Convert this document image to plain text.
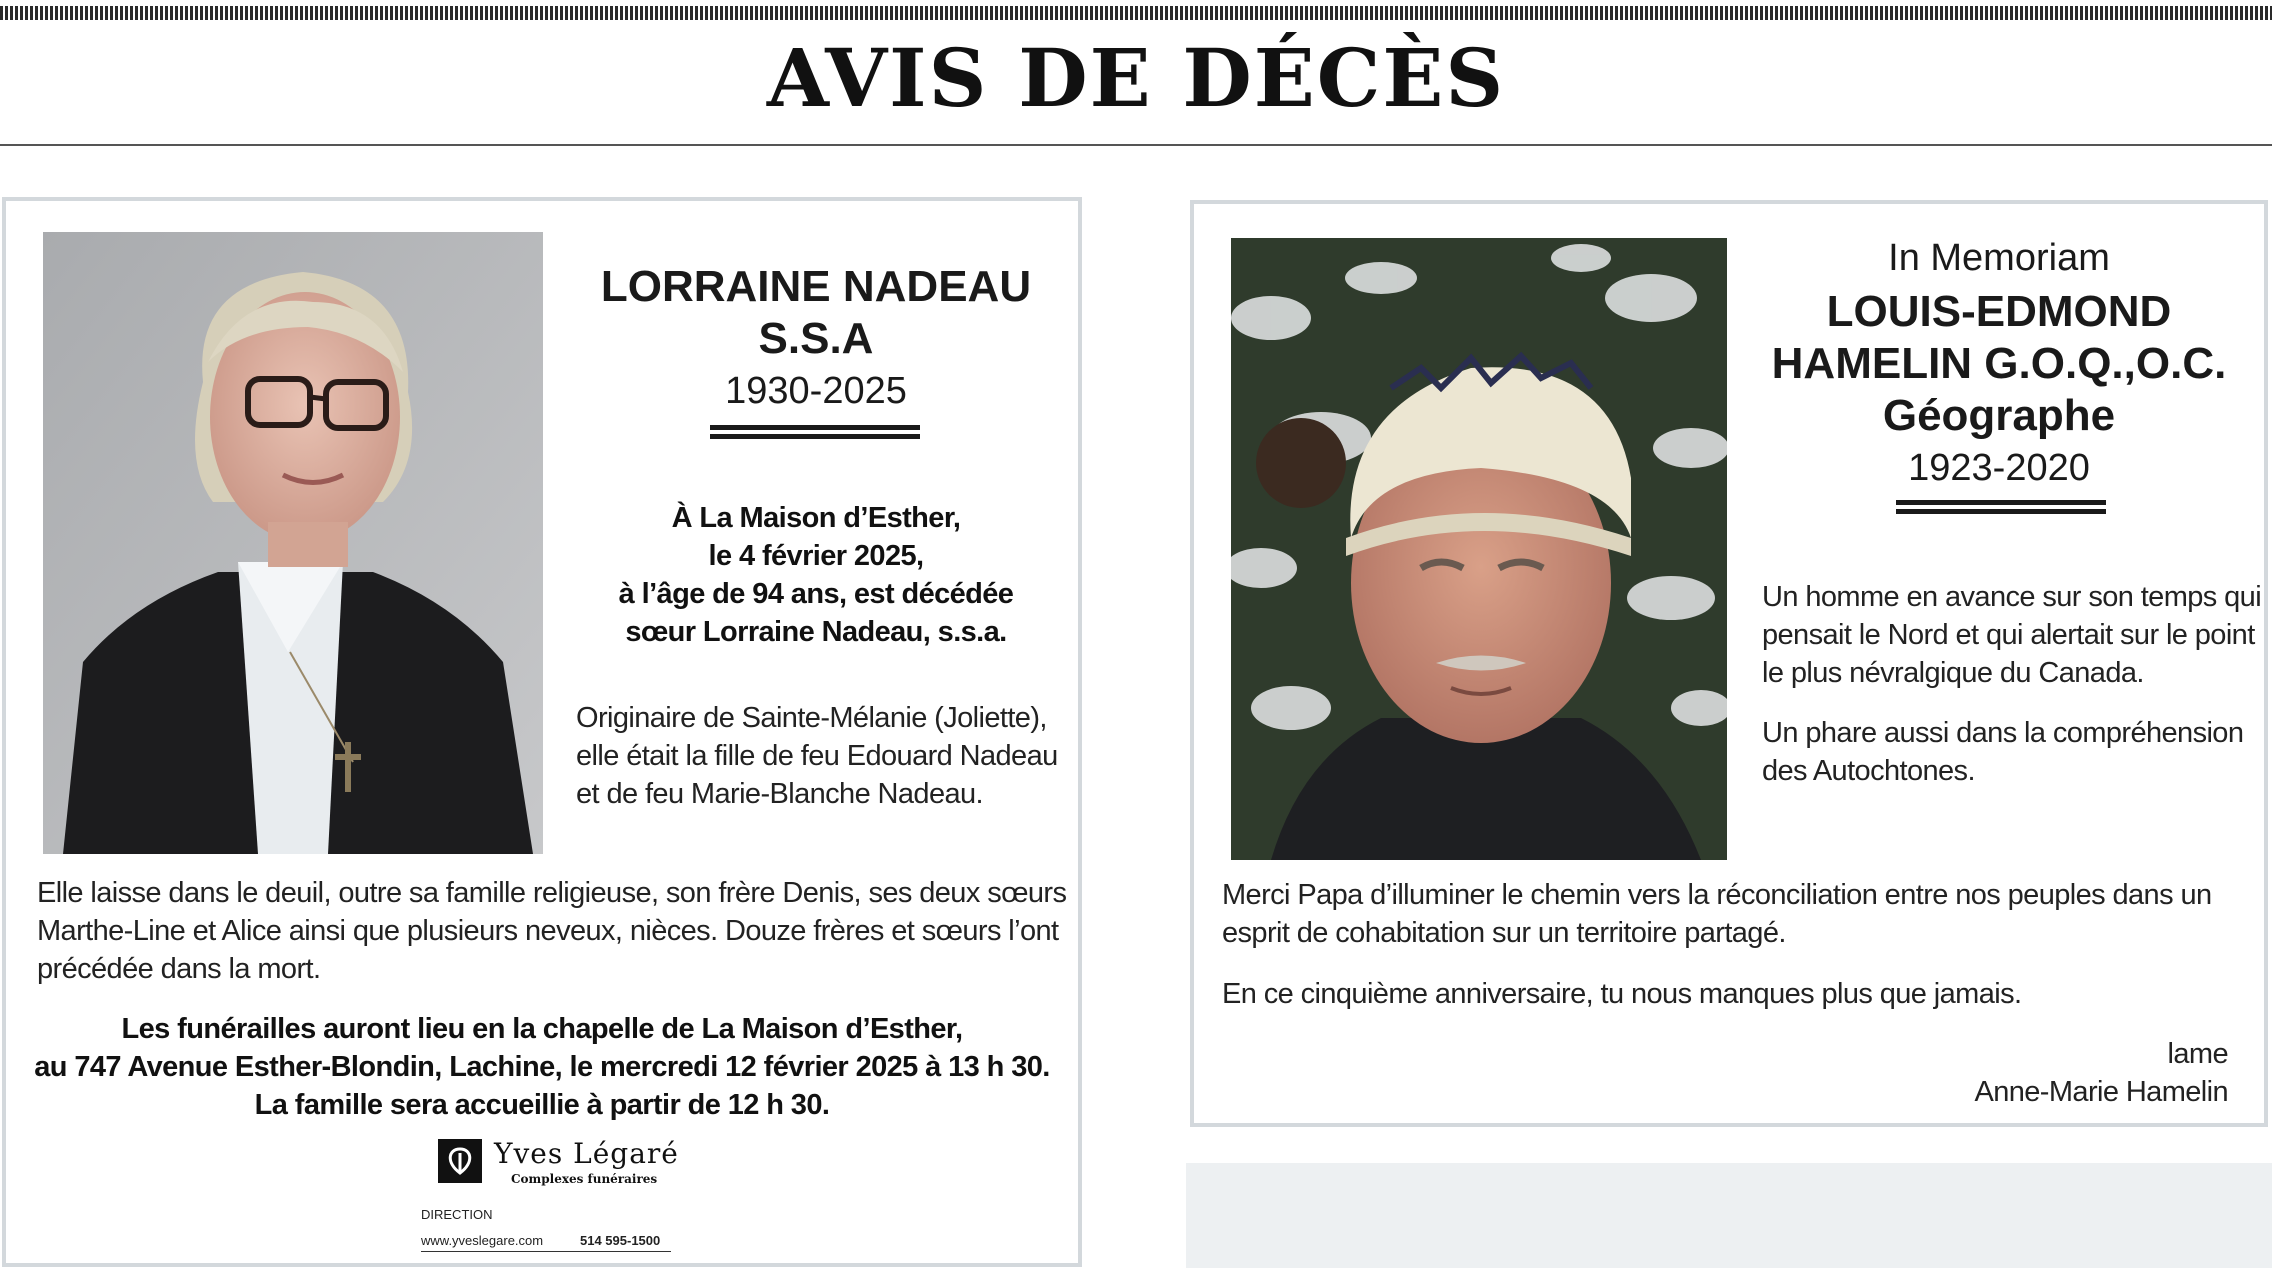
AVIS DE DÉCÈS
LORRAINE NADEAU
S.S.A
1930-2025
À La Maison d’Esther,
le 4 février 2025,
à l’âge de 94 ans, est décédée
sœur Lorraine Nadeau, s.s.a.
Originaire de Sainte-Mélanie (Joliette),
elle était la fille de feu Edouard Nadeau
et de feu Marie-Blanche Nadeau.
Elle laisse dans le deuil, outre sa famille religieuse, son frère Denis, ses deux sœurs
Marthe-Line et Alice ainsi que plusieurs neveux, nièces. Douze frères et sœurs l’ont
précédée dans la mort.
Les funérailles auront lieu en la chapelle de La Maison d’Esther,
au 747 Avenue Esther-Blondin, Lachine, le mercredi 12 février 2025 à 13 h 30.
La famille sera accueillie à partir de 12 h 30.
Yves Légaré
Complexes funéraires
DIRECTION
www.yveslegare.com	514 595-1500
In Memoriam
LOUIS-EDMOND
HAMELIN G.O.Q.,O.C.
Géographe
1923-2020
Un homme en avance sur son temps qui
pensait le Nord et qui alertait sur le point
le plus névralgique du Canada.
Un phare aussi dans la compréhension
des Autochtones.
Merci Papa d’illuminer le chemin vers la réconciliation entre nos peuples dans un
esprit de cohabitation sur un territoire partagé.
En ce cinquième anniversaire, tu nous manques plus que jamais.
lame
Anne-Marie Hamelin
